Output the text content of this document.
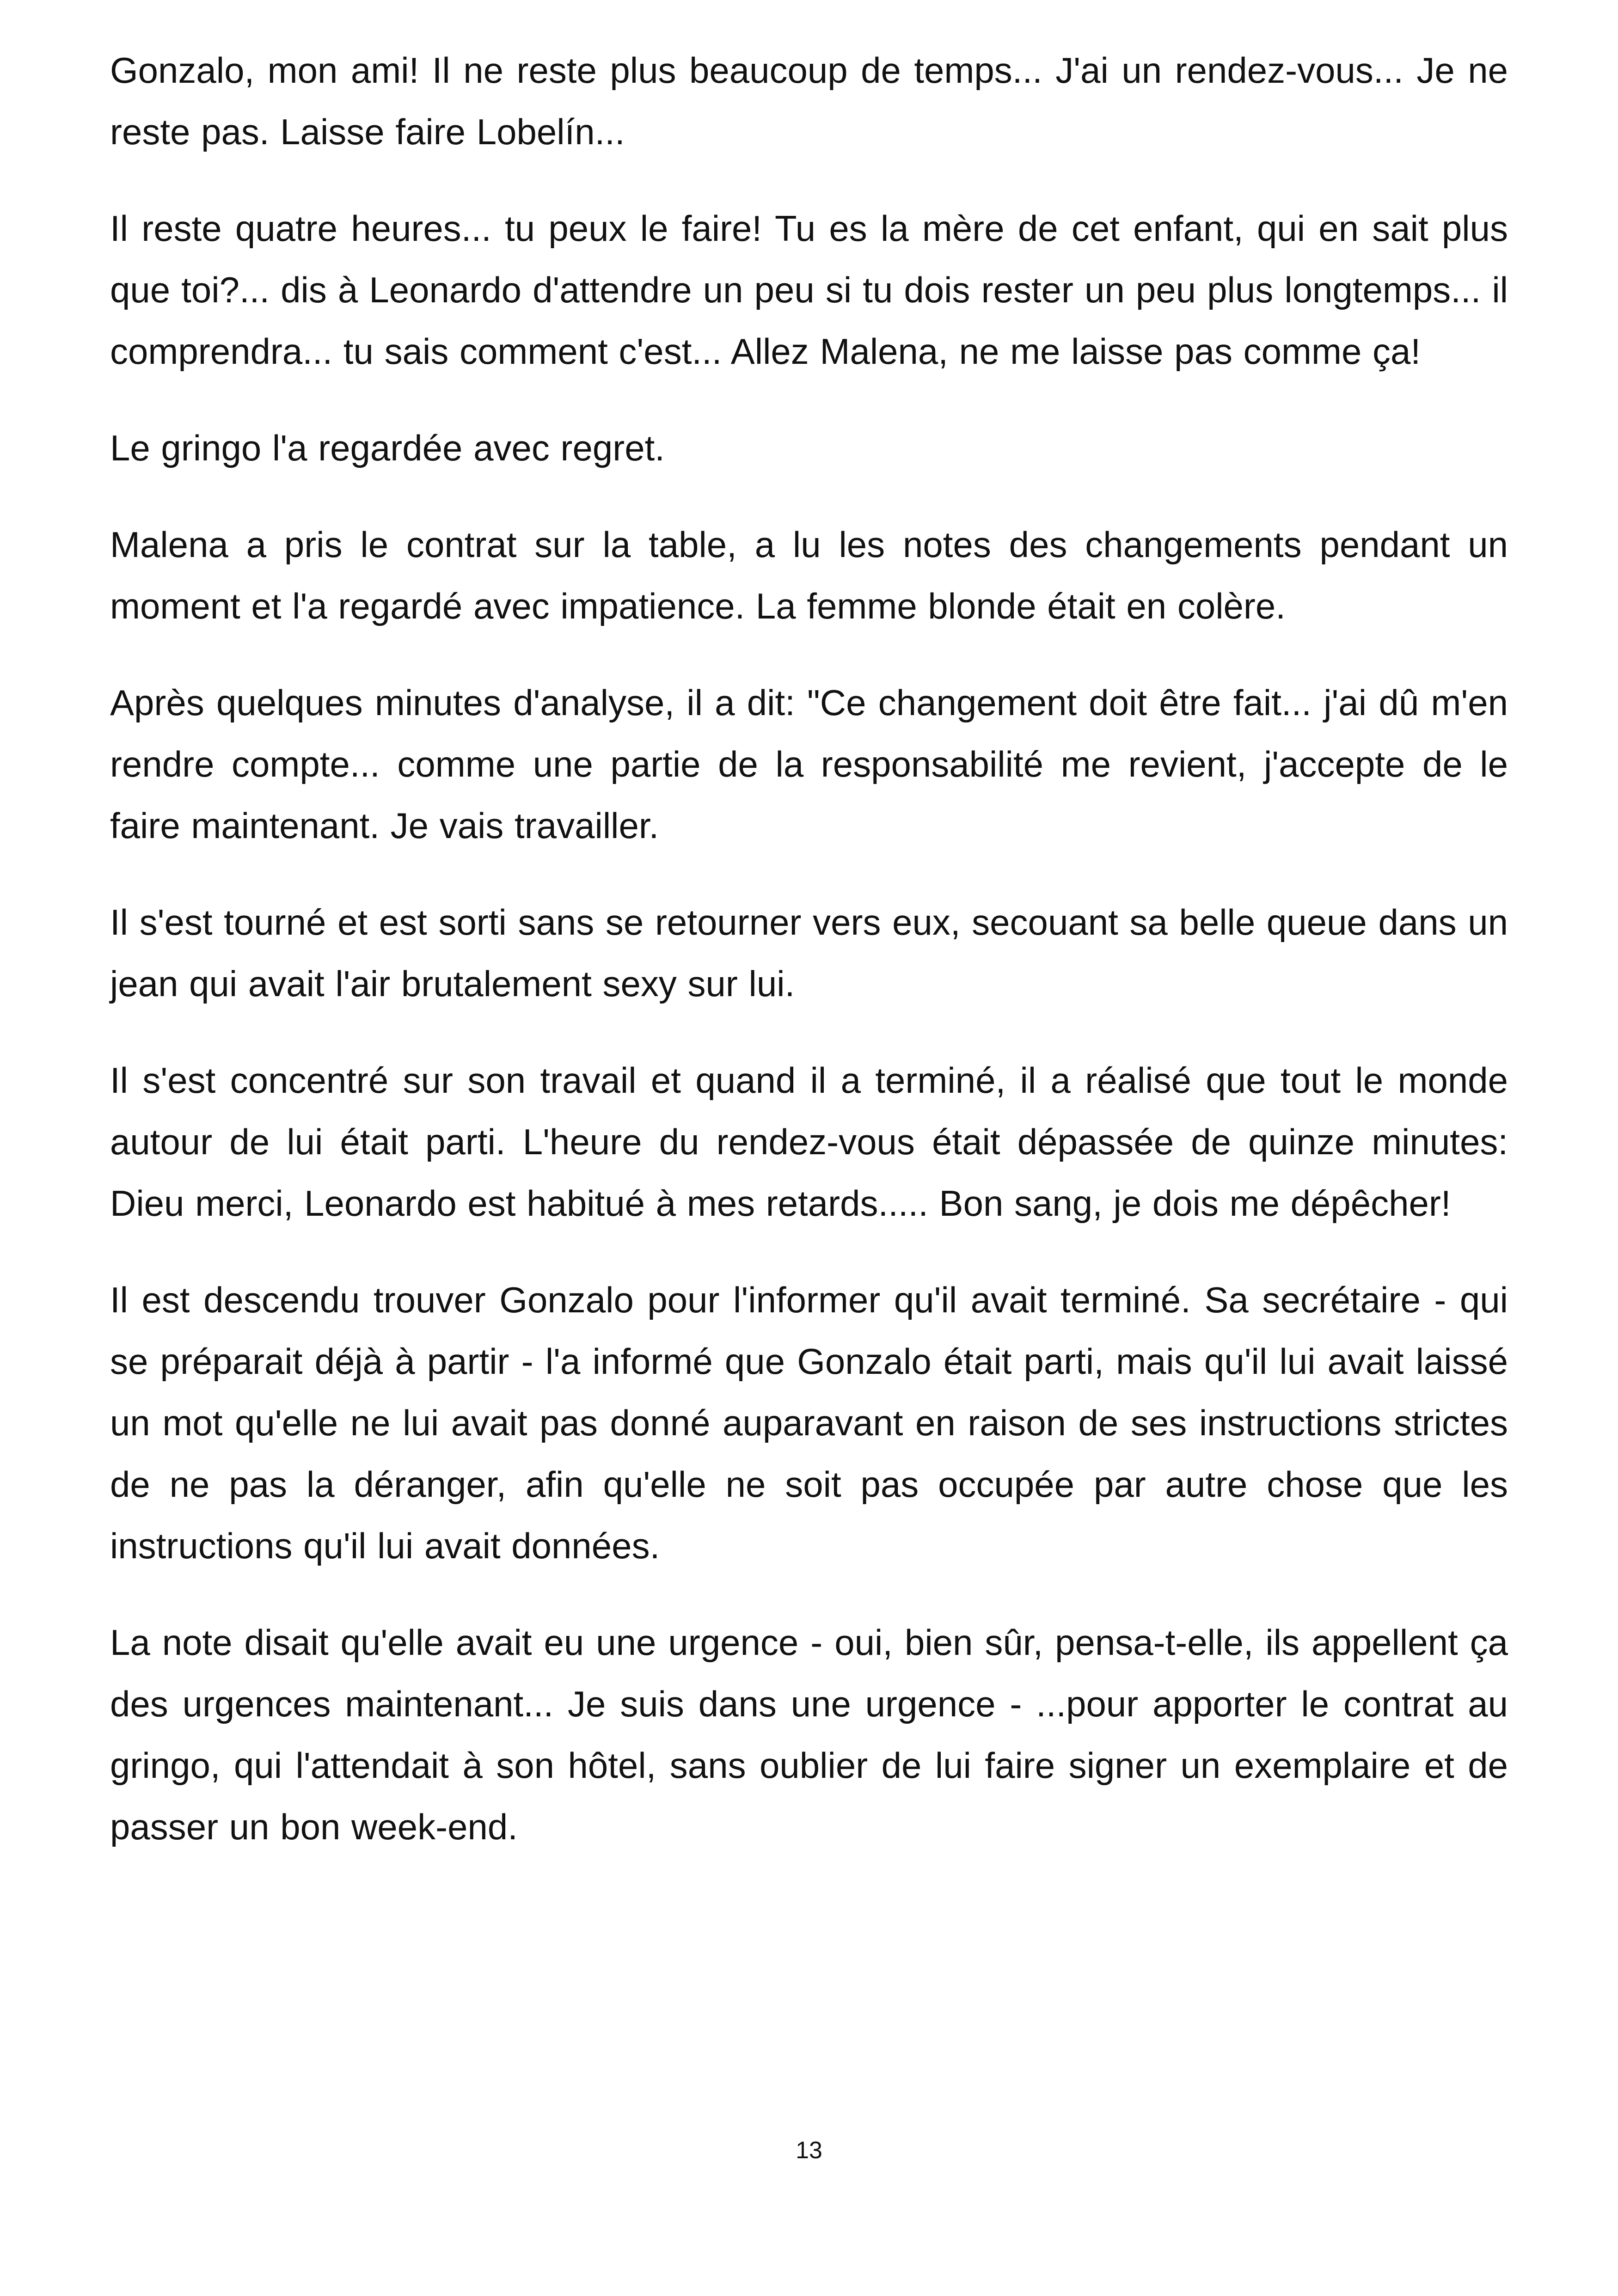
Gonzalo, mon ami! Il ne reste plus beaucoup de temps... J'ai un rendez-vous... Je ne reste pas. Laisse faire Lobelín...

Il reste quatre heures... tu peux le faire! Tu es la mère de cet enfant, qui en sait plus que toi?... dis à Leonardo d'attendre un peu si tu dois rester un peu plus longtemps... il comprendra... tu sais comment c'est... Allez Malena, ne me laisse pas comme ça!

Le gringo l'a regardée avec regret.

Malena a pris le contrat sur la table, a lu les notes des changements pendant un moment et l'a regardé avec impatience. La femme blonde était en colère.

Après quelques minutes d'analyse, il a dit: "Ce changement doit être fait... j'ai dû m'en rendre compte... comme une partie de la responsabilité me revient, j'accepte de le faire maintenant. Je vais travailler.

Il s'est tourné et est sorti sans se retourner vers eux, secouant sa belle queue dans un jean qui avait l'air brutalement sexy sur lui.

Il s'est concentré sur son travail et quand il a terminé, il a réalisé que tout le monde autour de lui était parti. L'heure du rendez-vous était dépassée de quinze minutes: Dieu merci, Leonardo est habitué à mes retards..... Bon sang, je dois me dépêcher!

Il est descendu trouver Gonzalo pour l'informer qu'il avait terminé. Sa secrétaire - qui se préparait déjà à partir - l'a informé que Gonzalo était parti, mais qu'il lui avait laissé un mot qu'elle ne lui avait pas donné auparavant en raison de ses instructions strictes de ne pas la déranger, afin qu'elle ne soit pas occupée par autre chose que les instructions qu'il lui avait données.

La note disait qu'elle avait eu une urgence - oui, bien sûr, pensa-t-elle, ils appellent ça des urgences maintenant... Je suis dans une urgence - ...pour apporter le contrat au gringo, qui l'attendait à son hôtel, sans oublier de lui faire signer un exemplaire et de passer un bon week-end.

13
